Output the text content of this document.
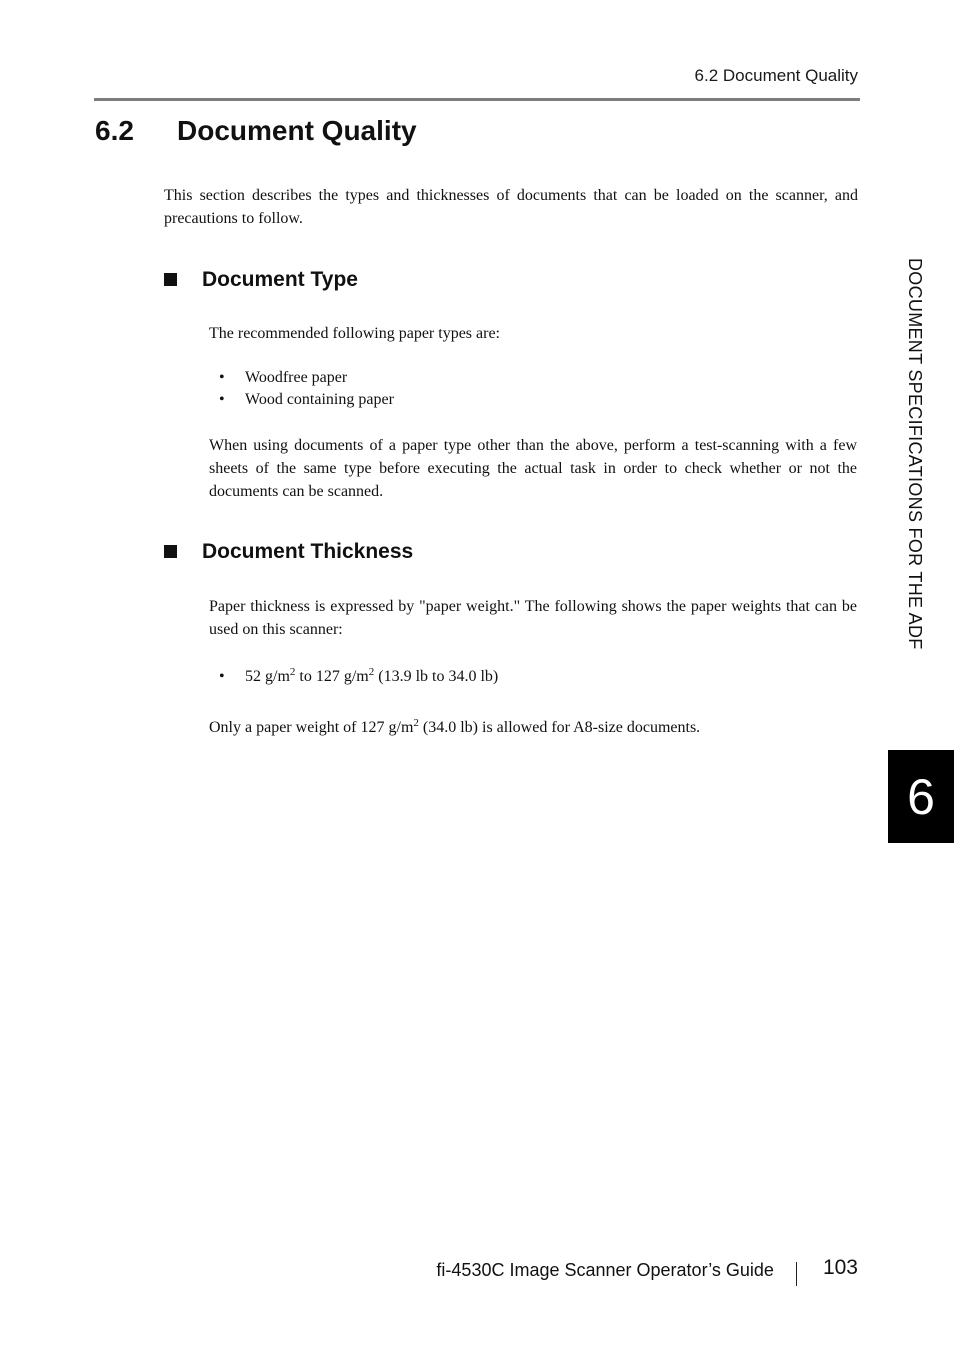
6.2 Document Quality
6.2 Document Quality

This section describes the types and thicknesses of documents that can be loaded on the scanner, and precautions to follow.

Document Type

The recommended following paper types are:

• Woodfree paper
• Wood containing paper

When using documents of a paper type other than the above, perform a test-scanning with a few sheets of the same type before executing the actual task in order to check whether or not the documents can be scanned.

Document Thickness

Paper thickness is expressed by "paper weight." The following shows the paper weights that can be used on this scanner:

• 52 $g/m^2$ to 127 $g/m^2$ (13.9 lb to 34.0 lb)

Only a paper weight of 127 $g/m^2$ (34.0 lb) is allowed for A8-size documents.

DOCUMENT SPECIFICATIONS FOR THE ADF
6
fi-4530C Image Scanner Operator’s Guide 103
